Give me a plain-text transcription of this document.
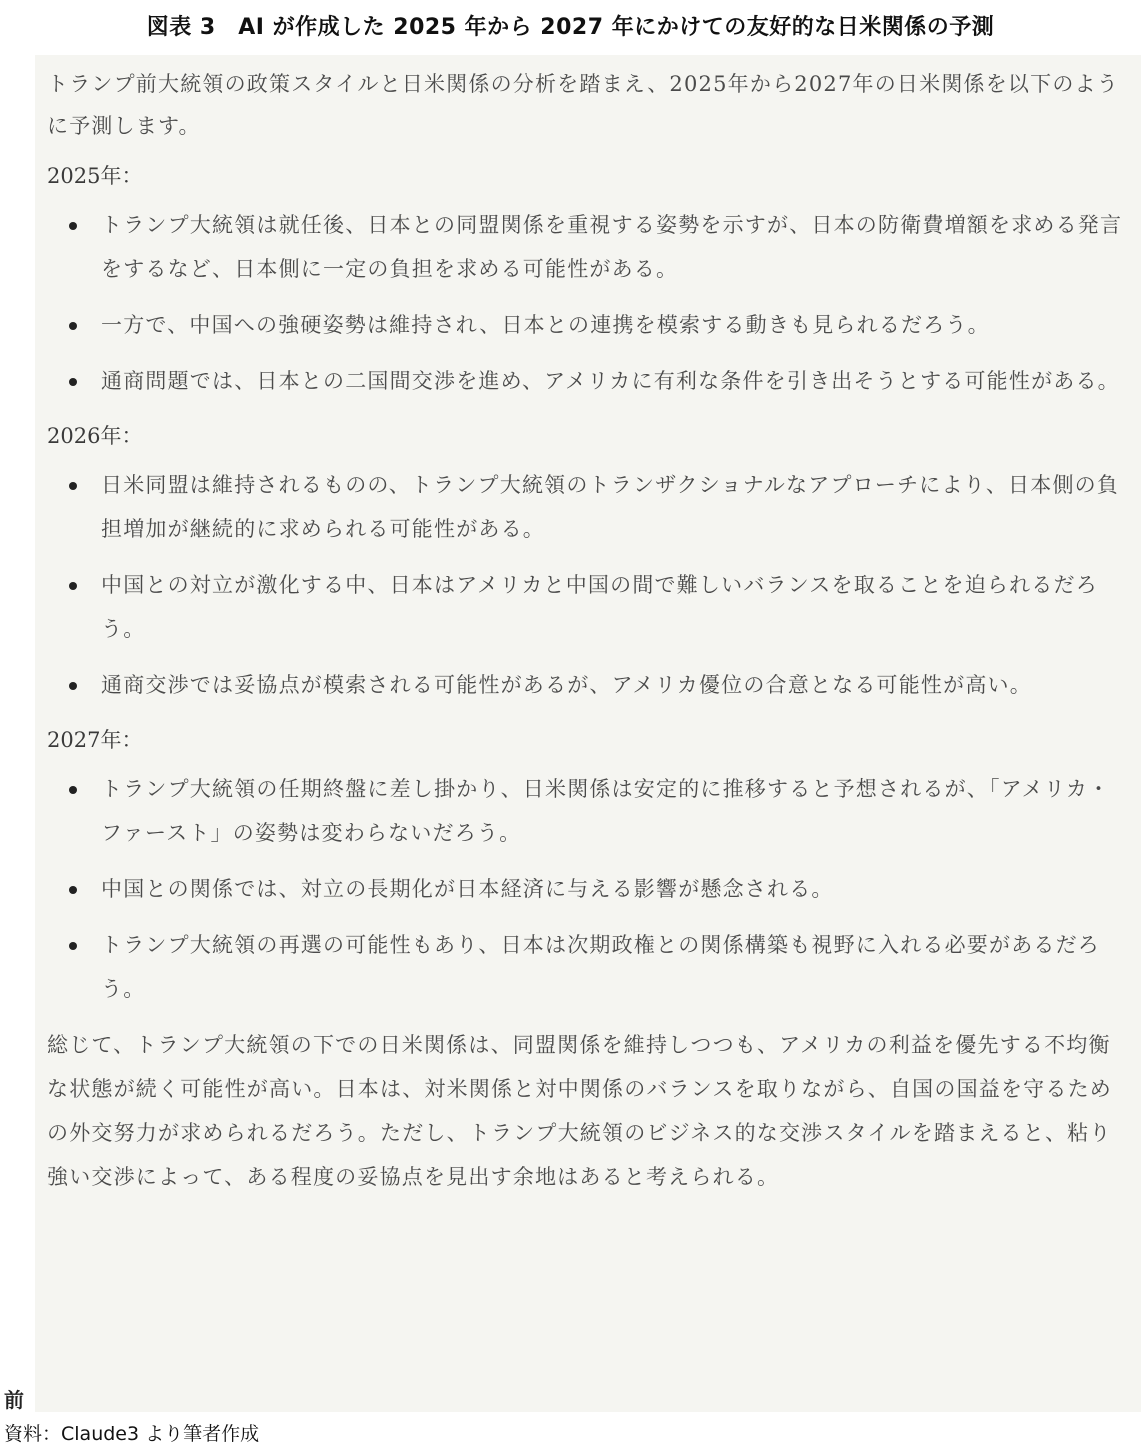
図表 3　AI が作成した 2025 年から 2027 年にかけての友好的な日米関係の予測

トランプ前大統領の政策スタイルと日米関係の分析を踏まえ、2025年から2027年の日米関係を以下のように予測します。

2025年：
トランプ大統領は就任後、日本との同盟関係を重視する姿勢を示すが、日本の防衛費増額を求める発言をするなど、日本側に一定の負担を求める可能性がある。
一方で、中国への強硬姿勢は維持され、日本との連携を模索する動きも見られるだろう。
通商問題では、日本との二国間交渉を進め、アメリカに有利な条件を引き出そうとする可能性がある。
2026年：
日米同盟は維持されるものの、トランプ大統領のトランザクショナルなアプローチにより、日本側の負担増加が継続的に求められる可能性がある。
中国との対立が激化する中、日本はアメリカと中国の間で難しいバランスを取ることを迫られるだろう。
通商交渉では妥協点が模索される可能性があるが、アメリカ優位の合意となる可能性が高い。
2027年：
トランプ大統領の任期終盤に差し掛かり、日米関係は安定的に推移すると予想されるが、「アメリカ・ファースト」の姿勢は変わらないだろう。
中国との関係では、対立の長期化が日本経済に与える影響が懸念される。
トランプ大統領の再選の可能性もあり、日本は次期政権との関係構築も視野に入れる必要があるだろう。

総じて、トランプ大統領の下での日米関係は、同盟関係を維持しつつも、アメリカの利益を優先する不均衡な状態が続く可能性が高い。日本は、対米関係と対中関係のバランスを取りながら、自国の国益を守るための外交努力が求められるだろう。ただし、トランプ大統領のビジネス的な交渉スタイルを踏まえると、粘り強い交渉によって、ある程度の妥協点を見出す余地はあると考えられる。

前
資料：Claude3 より筆者作成
